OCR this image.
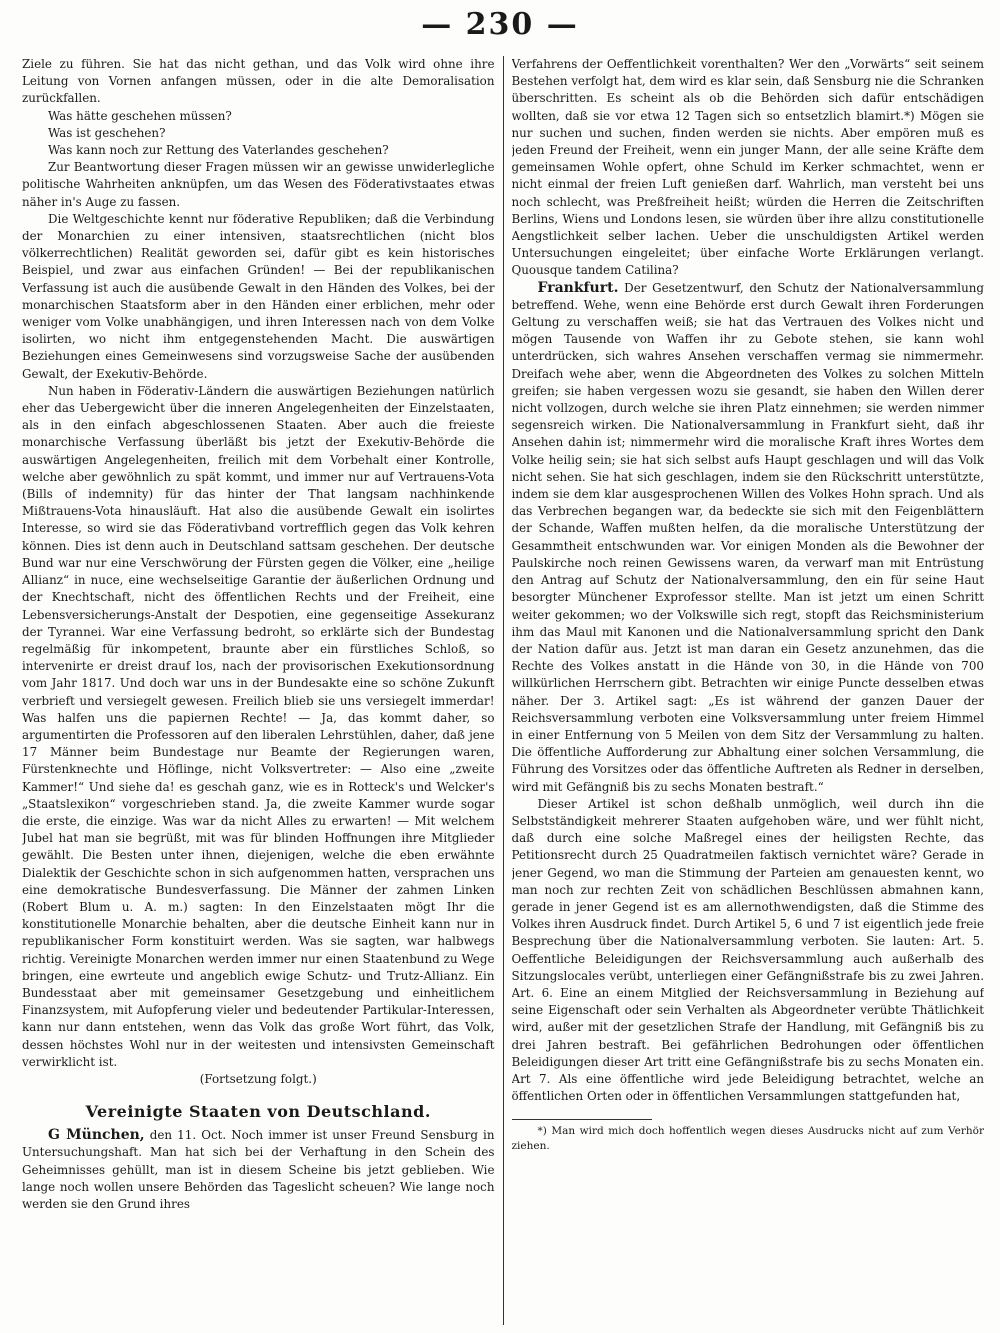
— 230 —

Ziele zu führen. Sie hat das nicht gethan, und das Volk wird ohne ihre Leitung von Vornen anfangen müssen, oder in die alte Demoralisation zurückfallen.

Was hätte geschehen müssen?

Was ist geschehen?

Was kann noch zur Rettung des Vaterlandes geschehen?

Zur Beantwortung dieser Fragen müssen wir an gewisse unwiderlegliche politische Wahrheiten anknüpfen, um das Wesen des Föderativstaates etwas näher in's Auge zu fassen.

Die Weltgeschichte kennt nur föderative Republiken; daß die Verbindung der Monarchien zu einer intensiven, staatsrechtlichen (nicht blos völkerrechtlichen) Realität geworden sei, dafür gibt es kein historisches Beispiel, und zwar aus einfachen Gründen! — Bei der republikanischen Verfassung ist auch die ausübende Gewalt in den Händen des Volkes, bei der monarchischen Staatsform aber in den Händen einer erblichen, mehr oder weniger vom Volke unabhängigen, und ihren Interessen nach von dem Volke isolirten, wo nicht ihm entgegenstehenden Macht. Die auswärtigen Beziehungen eines Gemeinwesens sind vorzugsweise Sache der ausübenden Gewalt, der Exekutiv-Behörde.

Nun haben in Föderativ-Ländern die auswärtigen Beziehungen natürlich eher das Uebergewicht über die inneren Angelegenheiten der Einzelstaaten, als in den einfach abgeschlossenen Staaten. Aber auch die freieste monarchische Verfassung überläßt bis jetzt der Exekutiv-Behörde die auswärtigen Angelegenheiten, freilich mit dem Vorbehalt einer Kontrolle, welche aber gewöhnlich zu spät kommt, und immer nur auf Vertrauens-Vota (Bills of indemnity) für das hinter der That langsam nachhinkende Mißtrauens-Vota hinausläuft. Hat also die ausübende Gewalt ein isolirtes Interesse, so wird sie das Föderativband vortrefflich gegen das Volk kehren können. Dies ist denn auch in Deutschland sattsam geschehen. Der deutsche Bund war nur eine Verschwörung der Fürsten gegen die Völker, eine „heilige Allianz“ in nuce, eine wechselseitige Garantie der äußerlichen Ordnung und der Knechtschaft, nicht des öffentlichen Rechts und der Freiheit, eine Lebensversicherungs-Anstalt der Despotien, eine gegenseitige Assekuranz der Tyrannei. War eine Verfassung bedroht, so erklärte sich der Bundestag regelmäßig für inkompetent, braunte aber ein fürstliches Schloß, so intervenirte er dreist drauf los, nach der provisorischen Exekutionsordnung vom Jahr 1817. Und doch war uns in der Bundesakte eine so schöne Zukunft verbrieft und versiegelt gewesen. Freilich blieb sie uns versiegelt immerdar! Was halfen uns die papiernen Rechte! — Ja, das kommt daher, so argumentirten die Professoren auf den liberalen Lehrstühlen, daher, daß jene 17 Männer beim Bundestage nur Beamte der Regierungen waren, Fürstenknechte und Höflinge, nicht Volksvertreter: — Also eine „zweite Kammer!“ Und siehe da! es geschah ganz, wie es in Rotteck's und Welcker's „Staatslexikon“ vorgeschrieben stand. Ja, die zweite Kammer wurde sogar die erste, die einzige. Was war da nicht Alles zu erwarten! — Mit welchem Jubel hat man sie begrüßt, mit was für blinden Hoffnungen ihre Mitglieder gewählt. Die Besten unter ihnen, diejenigen, welche die eben erwähnte Dialektik der Geschichte schon in sich aufgenommen hatten, versprachen uns eine demokratische Bundesverfassung. Die Männer der zahmen Linken (Robert Blum u. A. m.) sagten: In den Einzelstaaten mögt Ihr die konstitutionelle Monarchie behalten, aber die deutsche Einheit kann nur in republikanischer Form konstituirt werden. Was sie sagten, war halbwegs richtig. Vereinigte Monarchen werden immer nur einen Staatenbund zu Wege bringen, eine ewrteute und angeblich ewige Schutz- und Trutz-Allianz. Ein Bundesstaat aber mit gemeinsamer Gesetzgebung und einheitlichem Finanzsystem, mit Aufopferung vieler und bedeutender Partikular-Interessen, kann nur dann entstehen, wenn das Volk das große Wort führt, das Volk, dessen höchstes Wohl nur in der weitesten und intensivsten Gemeinschaft verwirklicht ist.

(Fortsetzung folgt.)

Vereinigte Staaten von Deutschland.

G München, den 11. Oct. Noch immer ist unser Freund Sensburg in Untersuchungshaft. Man hat sich bei der Verhaftung in den Schein des Geheimnisses gehüllt, man ist in diesem Scheine bis jetzt geblieben. Wie lange noch wollen unsere Behörden das Tageslicht scheuen? Wie lange noch werden sie den Grund ihres

Verfahrens der Oeffentlichkeit vorenthalten? Wer den „Vorwärts“ seit seinem Bestehen verfolgt hat, dem wird es klar sein, daß Sensburg nie die Schranken überschritten. Es scheint als ob die Behörden sich dafür entschädigen wollten, daß sie vor etwa 12 Tagen sich so entsetzlich blamirt.*) Mögen sie nur suchen und suchen, finden werden sie nichts. Aber empören muß es jeden Freund der Freiheit, wenn ein junger Mann, der alle seine Kräfte dem gemeinsamen Wohle opfert, ohne Schuld im Kerker schmachtet, wenn er nicht einmal der freien Luft genießen darf. Wahrlich, man versteht bei uns noch schlecht, was Preßfreiheit heißt; würden die Herren die Zeitschriften Berlins, Wiens und Londons lesen, sie würden über ihre allzu constitutionelle Aengstlichkeit selber lachen. Ueber die unschuldigsten Artikel werden Untersuchungen eingeleitet; über einfache Worte Erklärungen verlangt. Quousque tandem Catilina?

Frankfurt. Der Gesetzentwurf, den Schutz der Nationalversammlung betreffend. Wehe, wenn eine Behörde erst durch Gewalt ihren Forderungen Geltung zu verschaffen weiß; sie hat das Vertrauen des Volkes nicht und mögen Tausende von Waffen ihr zu Gebote stehen, sie kann wohl unterdrücken, sich wahres Ansehen verschaffen vermag sie nimmermehr. Dreifach wehe aber, wenn die Abgeordneten des Volkes zu solchen Mitteln greifen; sie haben vergessen wozu sie gesandt, sie haben den Willen derer nicht vollzogen, durch welche sie ihren Platz einnehmen; sie werden nimmer segensreich wirken. Die Nationalversammlung in Frankfurt sieht, daß ihr Ansehen dahin ist; nimmermehr wird die moralische Kraft ihres Wortes dem Volke heilig sein; sie hat sich selbst aufs Haupt geschlagen und will das Volk nicht sehen. Sie hat sich geschlagen, indem sie den Rückschritt unterstützte, indem sie dem klar ausgesprochenen Willen des Volkes Hohn sprach. Und als das Verbrechen begangen war, da bedeckte sie sich mit den Feigenblättern der Schande, Waffen mußten helfen, da die moralische Unterstützung der Gesammtheit entschwunden war. Vor einigen Monden als die Bewohner der Paulskirche noch reinen Gewissens waren, da verwarf man mit Entrüstung den Antrag auf Schutz der Nationalversammlung, den ein für seine Haut besorgter Münchener Exprofessor stellte. Man ist jetzt um einen Schritt weiter gekommen; wo der Volkswille sich regt, stopft das Reichsministerium ihm das Maul mit Kanonen und die Nationalversammlung spricht den Dank der Nation dafür aus. Jetzt ist man daran ein Gesetz anzunehmen, das die Rechte des Volkes anstatt in die Hände von 30, in die Hände von 700 willkürlichen Herrschern gibt. Betrachten wir einige Puncte desselben etwas näher. Der 3. Artikel sagt: „Es ist während der ganzen Dauer der Reichsversammlung verboten eine Volksversammlung unter freiem Himmel in einer Entfernung von 5 Meilen von dem Sitz der Versammlung zu halten. Die öffentliche Aufforderung zur Abhaltung einer solchen Versammlung, die Führung des Vorsitzes oder das öffentliche Auftreten als Redner in derselben, wird mit Gefängniß bis zu sechs Monaten bestraft.“

Dieser Artikel ist schon deßhalb unmöglich, weil durch ihn die Selbstständigkeit mehrerer Staaten aufgehoben wäre, und wer fühlt nicht, daß durch eine solche Maßregel eines der heiligsten Rechte, das Petitionsrecht durch 25 Quadratmeilen faktisch vernichtet wäre? Gerade in jener Gegend, wo man die Stimmung der Parteien am genauesten kennt, wo man noch zur rechten Zeit von schädlichen Beschlüssen abmahnen kann, gerade in jener Gegend ist es am allernothwendigsten, daß die Stimme des Volkes ihren Ausdruck findet. Durch Artikel 5, 6 und 7 ist eigentlich jede freie Besprechung über die Nationalversammlung verboten. Sie lauten: Art. 5. Oeffentliche Beleidigungen der Reichsversammlung auch außerhalb des Sitzungslocales verübt, unterliegen einer Gefängnißstrafe bis zu zwei Jahren. Art. 6. Eine an einem Mitglied der Reichsversammlung in Beziehung auf seine Eigenschaft oder sein Verhalten als Abgeordneter verübte Thätlichkeit wird, außer mit der gesetzlichen Strafe der Handlung, mit Gefängniß bis zu drei Jahren bestraft. Bei gefährlichen Bedrohungen oder öffentlichen Beleidigungen dieser Art tritt eine Gefängnißstrafe bis zu sechs Monaten ein. Art 7. Als eine öffentliche wird jede Beleidigung betrachtet, welche an öffentlichen Orten oder in öffentlichen Versammlungen stattgefunden hat,

*) Man wird mich doch hoffentlich wegen dieses Ausdrucks nicht auf zum Verhör ziehen.
